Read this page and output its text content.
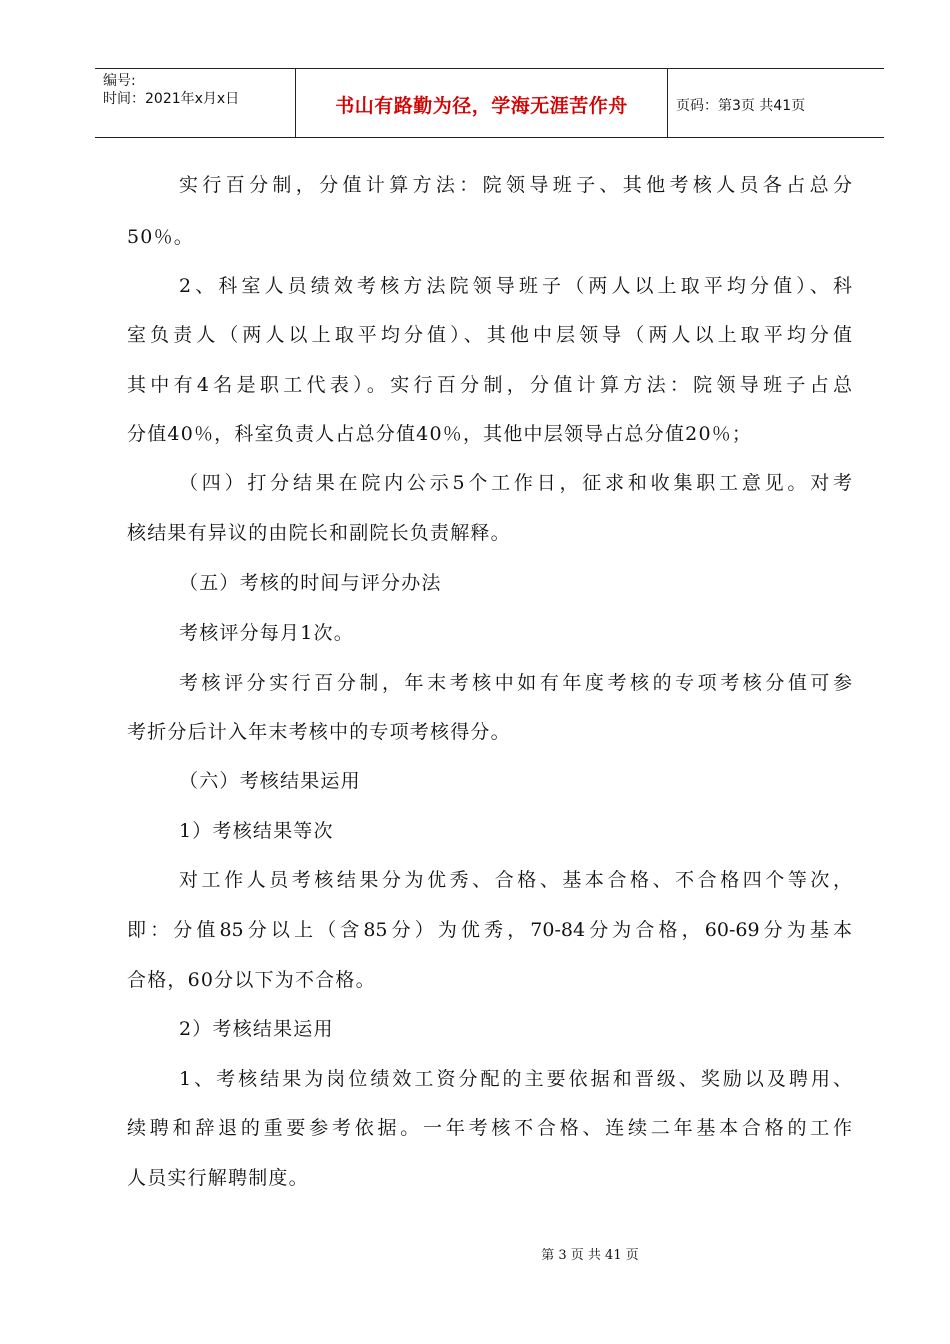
编号:
时间：2021年x月x日	书山有路勤为径，学海无涯苦作舟	页码：第3页 共41页
实行百分制，分值计算方法：院领导班子、其他考核人员各占总分
50％。
2、科室人员绩效考核方法院领导班子（两人以上取平均分值）、科
室负责人（两人以上取平均分值）、其他中层领导（两人以上取平均分值
其中有4名是职工代表）。实行百分制，分值计算方法：院领导班子占总
分值40％，科室负责人占总分值40％，其他中层领导占总分值20％；
（四）打分结果在院内公示5个工作日，征求和收集职工意见。对考
核结果有异议的由院长和副院长负责解释。
（五）考核的时间与评分办法
考核评分每月1次。
考核评分实行百分制，年末考核中如有年度考核的专项考核分值可参
考折分后计入年末考核中的专项考核得分。
（六）考核结果运用
1）考核结果等次
对工作人员考核结果分为优秀、合格、基本合格、不合格四个等次，
即：分值85分以上（含85分）为优秀，70-84分为合格，60-69分为基本
合格，60分以下为不合格。
2）考核结果运用
1、考核结果为岗位绩效工资分配的主要依据和晋级、奖励以及聘用、
续聘和辞退的重要参考依据。一年考核不合格、连续二年基本合格的工作
人员实行解聘制度。
第 3 页 共 41 页
